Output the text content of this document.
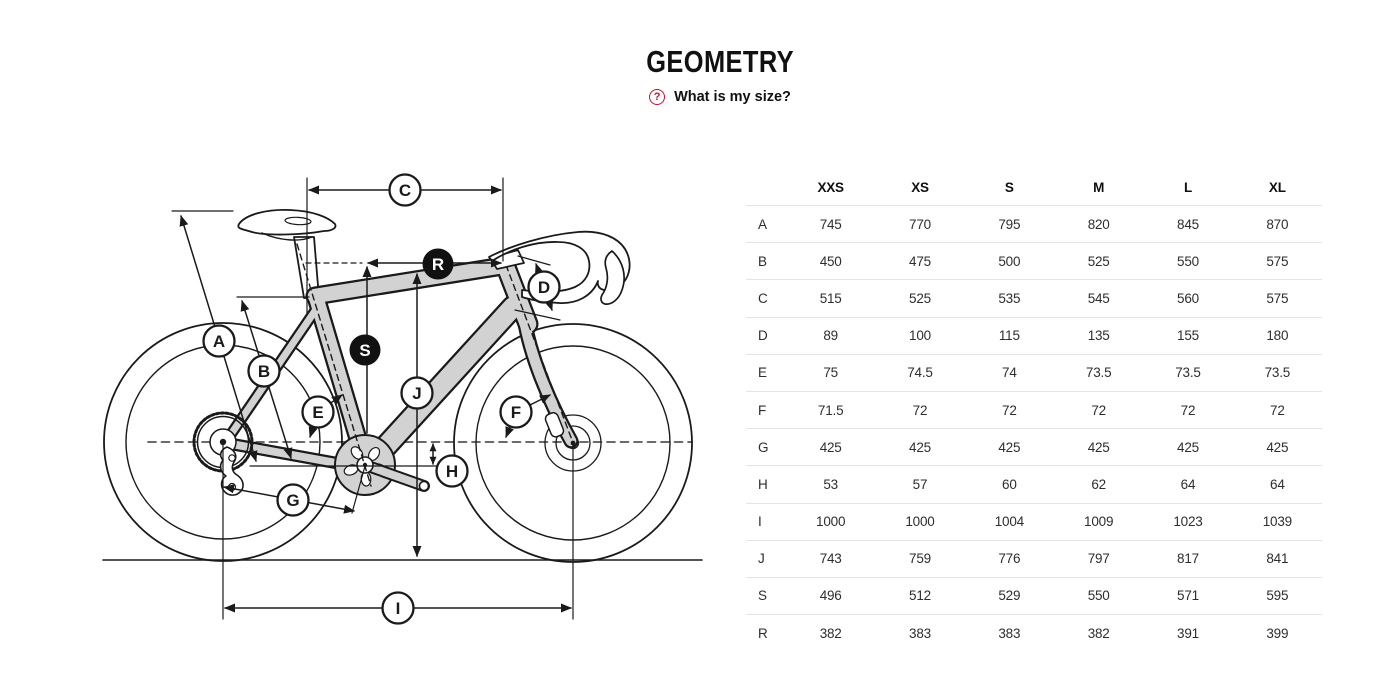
GEOMETRY
? What is my size?
A
B
C
D
E	F
G
H
I
J
S
R
XXS	XS	S	M	L	XL
A	745	770	795	820	845	870
B	450	475	500	525	550	575
C	515	525	535	545	560	575
D	89	100	115	135	155	180
E	75	74.5	74	73.5	73.5	73.5
F	71.5	72	72	72	72	72
G	425	425	425	425	425	425
H	53	57	60	62	64	64
I	1000	1000	1004	1009	1023	1039
J	743	759	776	797	817	841
S	496	512	529	550	571	595
R	382	383	383	382	391	399
